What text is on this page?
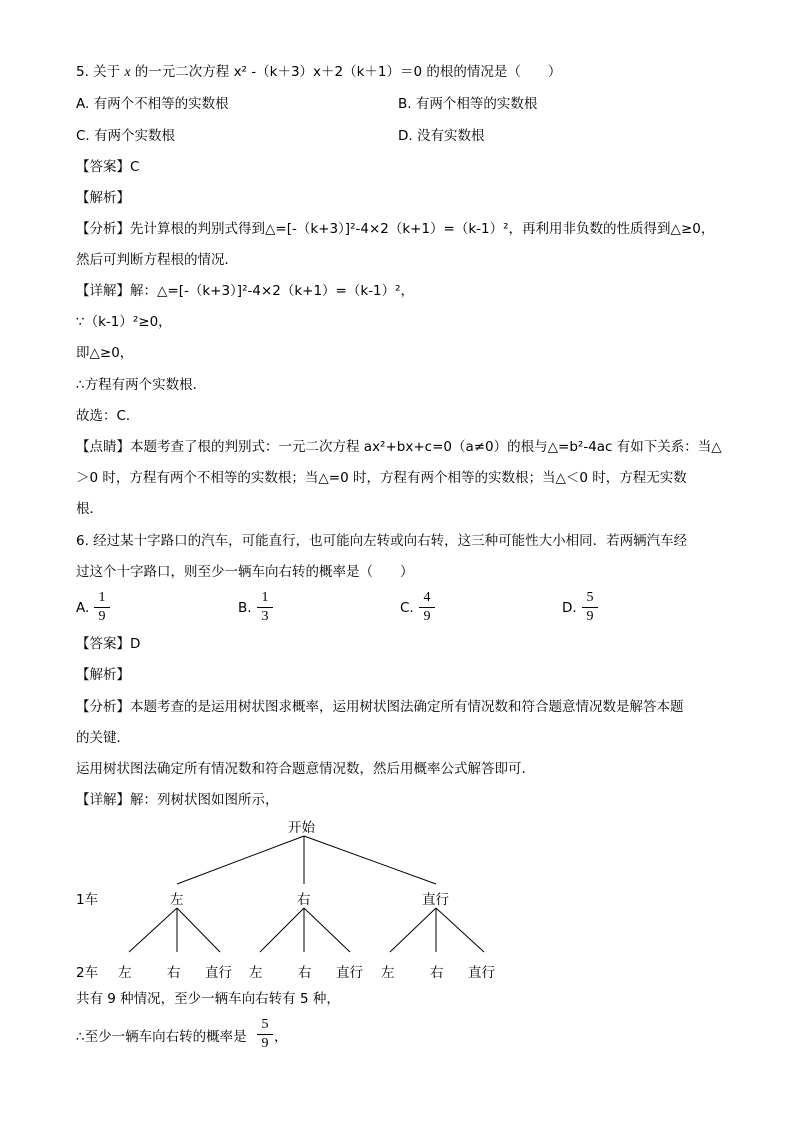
5. 关于 x 的一元二次方程 x² -（k＋3）x＋2（k＋1）＝0 的根的情况是（　　）
A. 有两个不相等的实数根	B. 有两个相等的实数根
C. 有两个实数根	D. 没有实数根
【答案】C
【解析】
【分析】先计算根的判别式得到△=[-（k+3）]²-4×2（k+1）=（k-1）²，再利用非负数的性质得到△≥0，
然后可判断方程根的情况．
【详解】解：△=[-（k+3）]²-4×2（k+1）=（k-1）²，
∵（k-1）²≥0，
即△≥0，
∴方程有两个实数根．
故选：C．
【点睛】本题考查了根的判别式：一元二次方程 ax²+bx+c=0（a≠0）的根与△=b²-4ac 有如下关系：当△
＞0 时，方程有两个不相等的实数根；当△=0 时，方程有两个相等的实数根；当△＜0 时，方程无实数
根．
6. 经过某十字路口的汽车，可能直行，也可能向左转或向右转，这三种可能性大小相同．若两辆汽车经
过这个十字路口，则至少一辆车向右转的概率是（　　）
A.
1
9
B.
1
3
C.
4
9
D.
5
9
【答案】D
【解析】
【分析】本题考查的是运用树状图求概率，运用树状图法确定所有情况数和符合题意情况数是解答本题
的关键．
运用树状图法确定所有情况数和符合题意情况数，然后用概率公式解答即可．
【详解】解：列树状图如图所示，
开始
1车	左	右	直行
2车 左	右 直行 左	右 直行 左	右 直行
共有 9 种情况，至少一辆车向右转有 5 种，
∴至少一辆车向右转的概率是
5
9 ，
